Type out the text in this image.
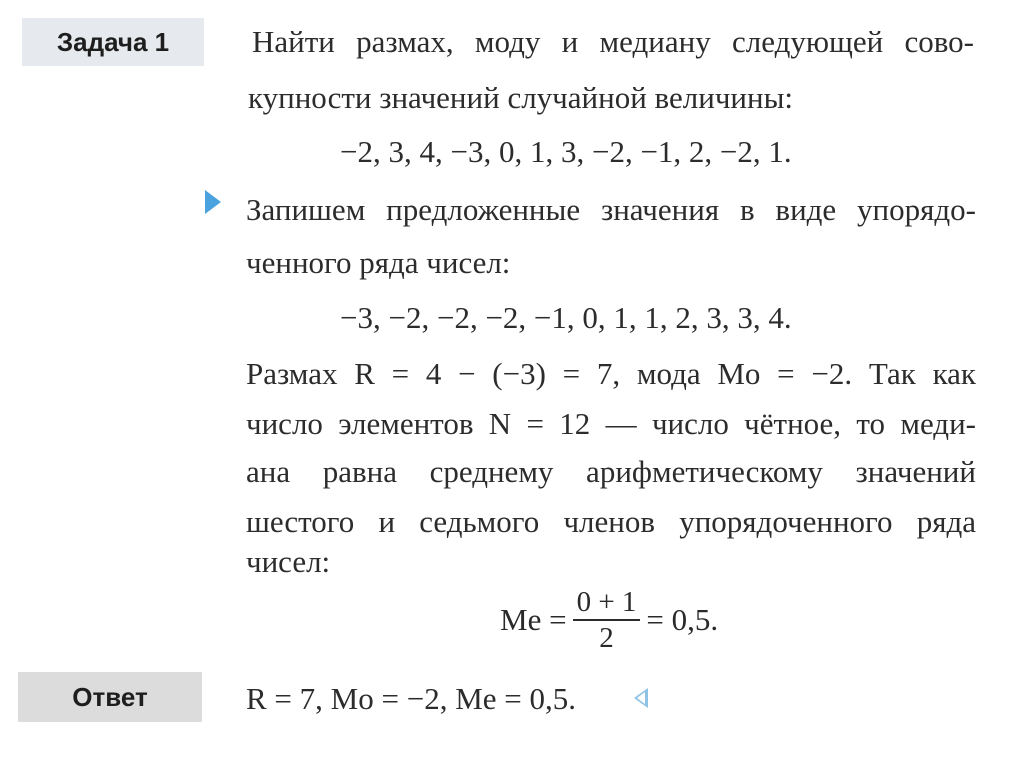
Задача 1	Найти размах, моду и медиану следующей сово-
купности значений случайной величины:
−2, 3, 4, −3, 0, 1, 3, −2, −1, 2, −2, 1.
Запишем предложенные значения в виде упорядо-
ченного ряда чисел:
−3, −2, −2, −2, −1, 0, 1, 1, 2, 3, 3, 4.
Размах R = 4 − (−3) = 7, мода Mo = −2. Так как
число элементов N = 12 — число чётное, то меди-
ана равна среднему арифметическому значений
шестого и седьмого членов упорядоченного ряда
чисел:
$Me = \frac{0 + 1}{2} = 0,5$.
Ответ	R = 7, Mo = −2, Me = 0,5.
